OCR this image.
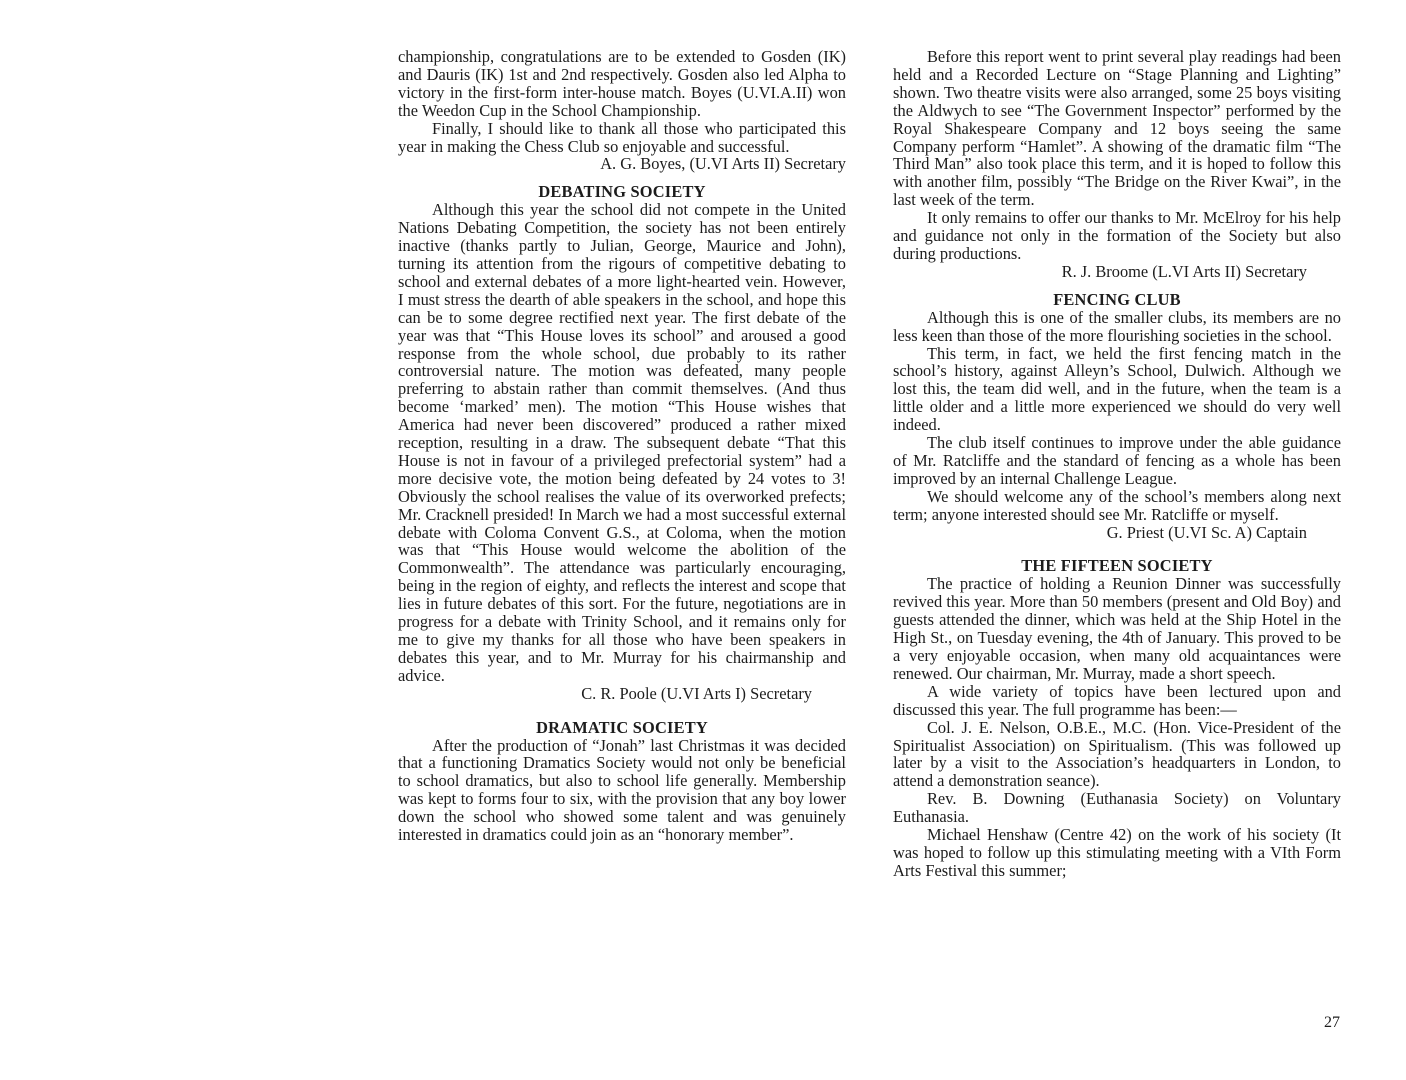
championship, congratulations are to be extended to Gosden (IK) and Dauris (IK) 1st and 2nd respectively. Gosden also led Alpha to victory in the first-form inter-house match. Boyes (U.VI.A.II) won the Weedon Cup in the School Championship.

Finally, I should like to thank all those who participated this year in making the Chess Club so enjoyable and successful.

A. G. Boyes, (U.VI Arts II) Secretary
DEBATING SOCIETY

Although this year the school did not compete in the United Nations Debating Competition, the society has not been entirely inactive (thanks partly to Julian, George, Maurice and John), turning its attention from the rigours of competitive debating to school and external debates of a more light-hearted vein. However, I must stress the dearth of able speakers in the school, and hope this can be to some degree rectified next year. The first debate of the year was that “This House loves its school” and aroused a good response from the whole school, due probably to its rather controversial nature. The motion was defeated, many people preferring to abstain rather than commit themselves. (And thus become ‘marked’ men). The motion “This House wishes that America had never been discovered” produced a rather mixed reception, resulting in a draw. The subsequent debate “That this House is not in favour of a privileged prefectorial system” had a more decisive vote, the motion being defeated by 24 votes to 3! Obviously the school realises the value of its overworked prefects; Mr. Cracknell presided! In March we had a most successful external debate with Coloma Convent G.S., at Coloma, when the motion was that “This House would welcome the abolition of the Commonwealth”. The attendance was particularly encouraging, being in the region of eighty, and reflects the interest and scope that lies in future debates of this sort. For the future, negotiations are in progress for a debate with Trinity School, and it remains only for me to give my thanks for all those who have been speakers in debates this year, and to Mr. Murray for his chairmanship and advice.

C. R. Poole (U.VI Arts I) Secretary
DRAMATIC SOCIETY

After the production of “Jonah” last Christmas it was decided that a functioning Dramatics Society would not only be beneficial to school dramatics, but also to school life generally. Membership was kept to forms four to six, with the provision that any boy lower down the school who showed some talent and was genuinely interested in dramatics could join as an “honorary member”.

Before this report went to print several play readings had been held and a Recorded Lecture on “Stage Planning and Lighting” shown. Two theatre visits were also arranged, some 25 boys visiting the Aldwych to see “The Government Inspector” performed by the Royal Shakespeare Company and 12 boys seeing the same Company perform “Hamlet”. A showing of the dramatic film “The Third Man” also took place this term, and it is hoped to follow this with another film, possibly “The Bridge on the River Kwai”, in the last week of the term.

It only remains to offer our thanks to Mr. McElroy for his help and guidance not only in the formation of the Society but also during productions.

R. J. Broome (L.VI Arts II) Secretary
FENCING CLUB

Although this is one of the smaller clubs, its members are no less keen than those of the more flourishing societies in the school.

This term, in fact, we held the first fencing match in the school’s history, against Alleyn’s School, Dulwich. Although we lost this, the team did well, and in the future, when the team is a little older and a little more experienced we should do very well indeed.

The club itself continues to improve under the able guidance of Mr. Ratcliffe and the standard of fencing as a whole has been improved by an internal Challenge League.

We should welcome any of the school’s members along next term; anyone interested should see Mr. Ratcliffe or myself.

G. Priest (U.VI Sc. A) Captain
THE FIFTEEN SOCIETY

The practice of holding a Reunion Dinner was successfully revived this year. More than 50 members (present and Old Boy) and guests attended the dinner, which was held at the Ship Hotel in the High St., on Tuesday evening, the 4th of January. This proved to be a very enjoyable occasion, when many old acquaintances were renewed. Our chairman, Mr. Murray, made a short speech.

A wide variety of topics have been lectured upon and discussed this year. The full programme has been:—

Col. J. E. Nelson, O.B.E., M.C. (Hon. Vice-President of the Spiritualist Association) on Spiritualism. (This was followed up later by a visit to the Association’s headquarters in London, to attend a demonstration seance).

Rev. B. Downing (Euthanasia Society) on Voluntary Euthanasia.

Michael Henshaw (Centre 42) on the work of his society (It was hoped to follow up this stimulating meeting with a VIth Form Arts Festival this summer;

27
